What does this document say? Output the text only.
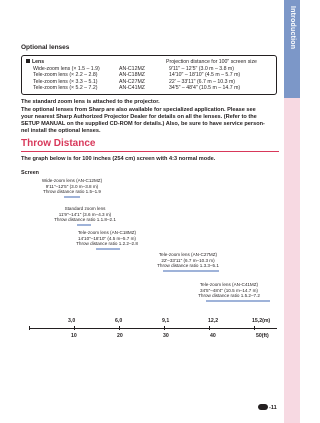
Introduction
Optional lenses
Lens	Projection distance for 100" screen size
Wide-zoom lens (× 1.5 – 1.9)	AN-C12MZ	9'11" – 12'5" (3.0 m – 3.8 m)
Tele-zoom lens (× 2.2 – 2.8)	AN-C18MZ	14'10" – 18'10" (4.5 m – 5.7 m)
Tele-zoom lens (× 3.3 – 5.1)	AN-C27MZ	22' – 33'11" (6.7 m – 10.3 m)
Tele-zoom lens (× 5.2 – 7.2)	AN-C41MZ	34'5" – 48'4" (10.5 m – 14.7 m)
The standard zoom lens is attached to the projector.
The optional lenses from Sharp are also available for specialized application. Please see
your nearest Sharp Authorized Projector Dealer for details on all the lenses. (Refer to the
SETUP MANUAL on the supplied CD-ROM for details.) Also, be sure to have service person-
nel install the optional lenses.
Throw Distance
The graph below is for 100 inches (254 cm) screen with 4:3 normal mode.
Screen
Wide-zoom lens (AN-C12MZ)
9'11"–12'5" (3.0 m–3.8 m)
Throw distance ratio 1.5–1.9
Standard zoom lens
11'9"–14'1" (3.6 m–4.3 m)
Throw distance ratio 1.1.8–2.1
Tele-zoom lens (AN-C18MZ)
14'10"–18'10" (4.5 m–5.7 m)
Throw distance ratio 1.2.2–2.8
Tele-zoom lens (AN-C27MZ)
22'–33'11" (6.7 m–10.3 m)
Throw distance ratio 1.3.3–5.1
Tele-zoom lens (AN-C41MZ)
34'5"–48'4" (10.5 m–14.7 m)
Throw distance ratio 1.5.2–7.2
3,0	6,0	9,1	12,2	15,2(m)
10	20	30	40	50(ft)
-11
